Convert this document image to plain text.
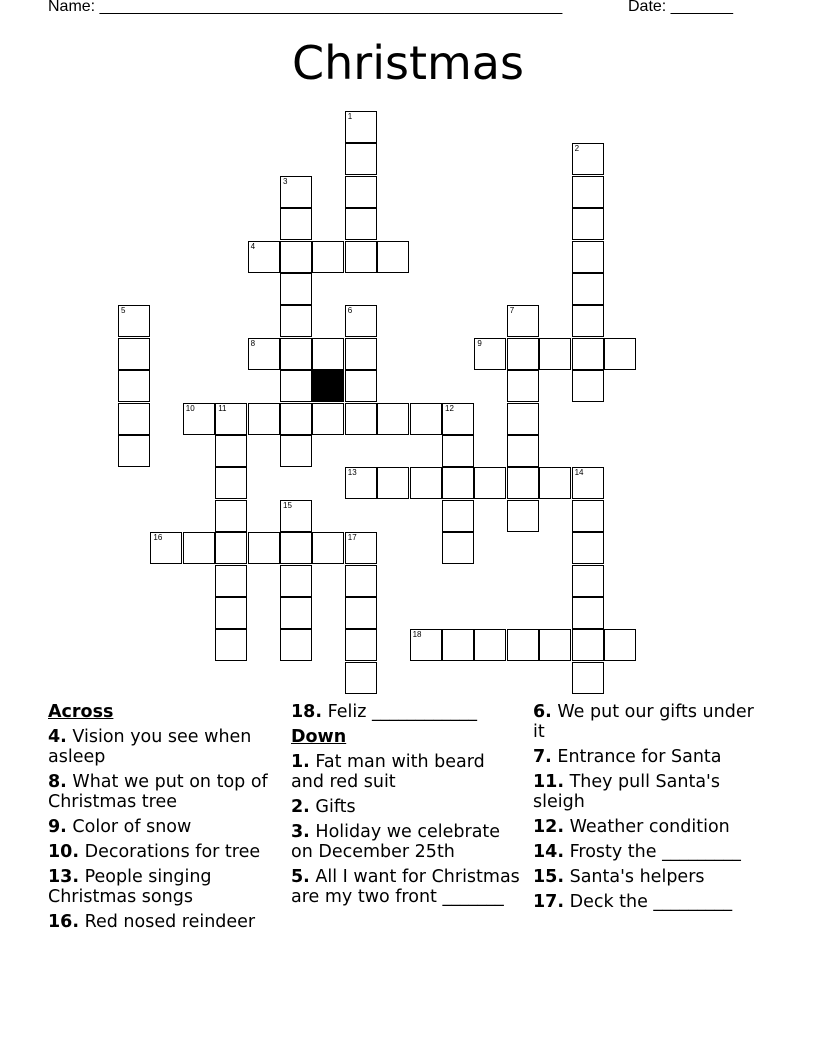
Name: ____________________________________________________	Date: _______
Christmas
1
2
3
4
5	6	7
8	9
10	11	12
13	14
15
16	17
18
Across
4. Vision you see when asleep
8. What we put on top of Christmas tree
9. Color of snow
10. Decorations for tree
13. People singing Christmas songs
16. Red nosed reindeer
18. Feliz ____________
Down
1. Fat man with beard and red suit
2. Gifts
3. Holiday we celebrate on December 25th
5. All I want for Christmas are my two front _______
6. We put our gifts under it
7. Entrance for Santa
11. They pull Santa's sleigh
12. Weather condition
14. Frosty the _________
15. Santa's helpers
17. Deck the _________
